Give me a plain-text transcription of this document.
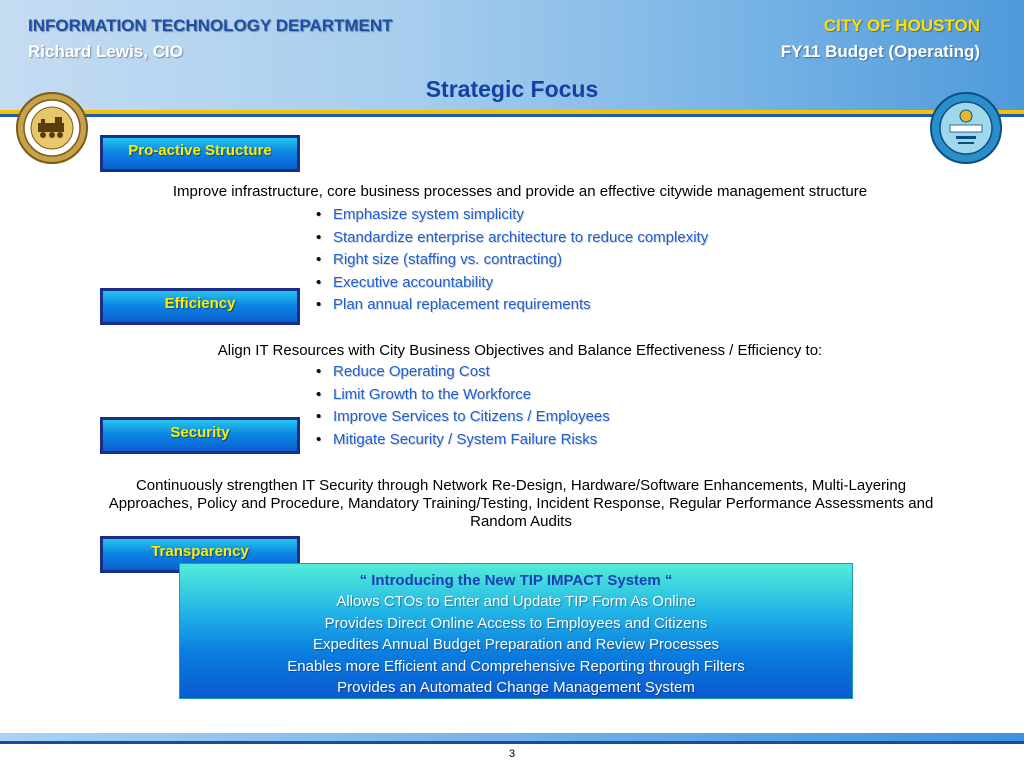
INFORMATION TECHNOLOGY DEPARTMENT
Richard Lewis, CIO
CITY OF HOUSTON
FY11 Budget (Operating)
Strategic Focus
Pro-active Structure
Improve infrastructure, core business processes and provide an effective citywide management structure
• Emphasize system simplicity
• Standardize enterprise architecture to reduce complexity
• Right size (staffing vs. contracting)
• Executive accountability
• Plan annual replacement requirements
Efficiency
Align IT Resources with City Business Objectives and Balance Effectiveness / Efficiency to:
• Reduce Operating Cost
• Limit Growth to the Workforce
• Improve Services to Citizens / Employees
• Mitigate Security / System Failure Risks
Security
Continuously strengthen IT Security through Network Re-Design, Hardware/Software Enhancements, Multi-Layering Approaches, Policy and Procedure, Mandatory Training/Testing, Incident Response, Regular Performance Assessments and Random Audits
Transparency
“ Introducing the New TIP IMPACT System “
Allows CTOs to Enter and Update TIP Form As Online
Provides Direct Online Access to Employees and Citizens
Expedites Annual Budget Preparation and Review Processes
Enables more Efficient and Comprehensive Reporting through Filters
Provides an Automated Change Management System
3
